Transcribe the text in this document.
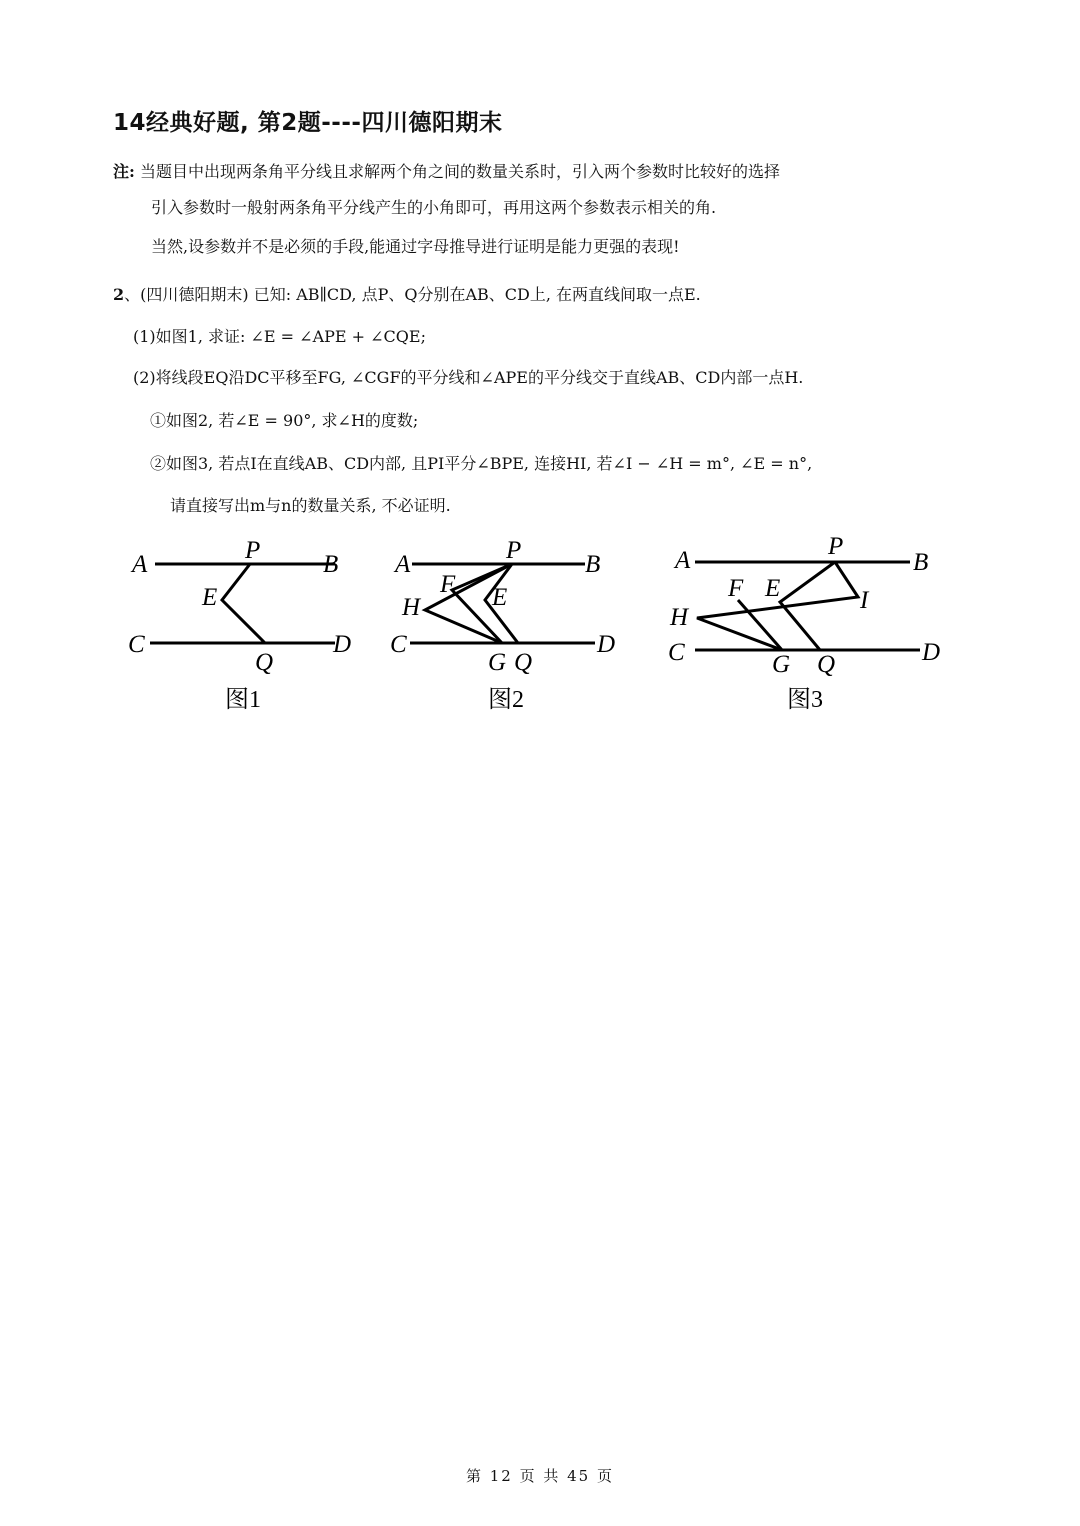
14经典好题, 第2题----四川德阳期末
注: 当题目中出现两条角平分线且求解两个角之间的数量关系时，引入两个参数时比较好的选择
引入参数时一般射两条角平分线产生的小角即可，再用这两个参数表示相关的角.
当然,设参数并不是必须的手段,能通过字母推导进行证明是能力更强的表现!
2、(四川德阳期末) 已知: AB∥CD, 点P、Q分别在AB、CD上, 在两直线间取一点E.
(1)如图1, 求证: ∠E = ∠APE + ∠CQE;
(2)将线段EQ沿DC平移至FG, ∠CGF的平分线和∠APE的平分线交于直线AB、CD内部一点H.
①如图2, 若∠E = 90°, 求∠H的度数;
②如图3, 若点I在直线AB、CD内部, 且PI平分∠BPE, 连接HI, 若∠I − ∠H = m°, ∠E = n°,
请直接写出m与n的数量关系, 不必证明.
A
P
B
E
C	D
Q
图1
A
P
B
F E
H
C	D
G Q
图2
A
P
B
F E	I
H
C	D
G Q
图3
第 12 页 共 45 页
